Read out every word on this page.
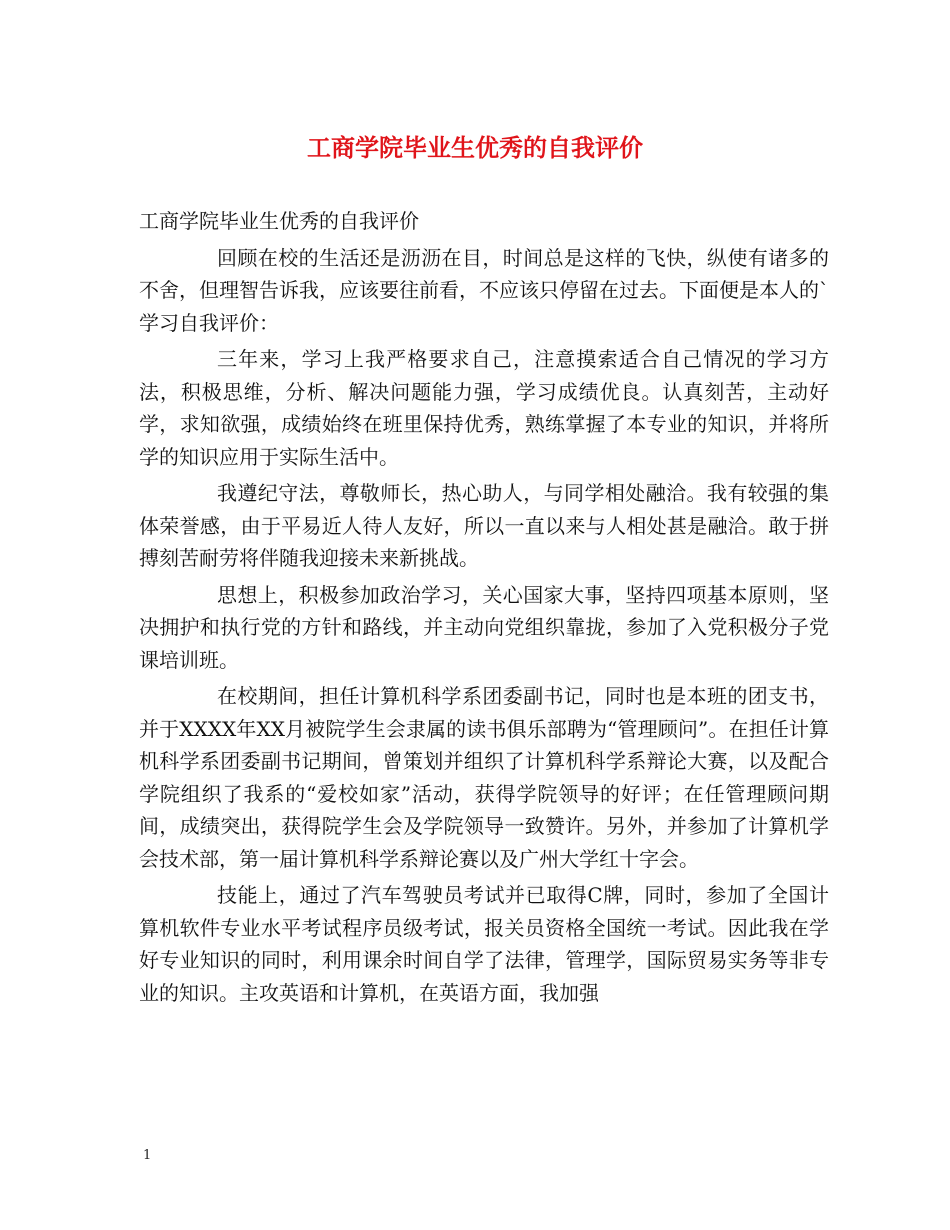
工商学院毕业生优秀的自我评价

工商学院毕业生优秀的自我评价

回顾在校的生活还是沥沥在目，时间总是这样的飞快，纵使有诸多的不舍，但理智告诉我，应该要往前看，不应该只停留在过去。下面便是本人的`学习自我评价：

三年来，学习上我严格要求自己，注意摸索适合自己情况的学习方法，积极思维，分析、解决问题能力强，学习成绩优良。认真刻苦，主动好学，求知欲强，成绩始终在班里保持优秀，熟练掌握了本专业的知识，并将所学的知识应用于实际生活中。

我遵纪守法，尊敬师长，热心助人，与同学相处融洽。我有较强的集体荣誉感，由于平易近人待人友好，所以一直以来与人相处甚是融洽。敢于拼搏刻苦耐劳将伴随我迎接未来新挑战。

思想上，积极参加政治学习，关心国家大事，坚持四项基本原则，坚决拥护和执行党的方针和路线，并主动向党组织靠拢，参加了入党积极分子党课培训班。

在校期间，担任计算机科学系团委副书记，同时也是本班的团支书，并于XXXX年XX月被院学生会隶属的读书俱乐部聘为“管理顾问”。在担任计算机科学系团委副书记期间，曾策划并组织了计算机科学系辩论大赛，以及配合学院组织了我系的“爱校如家”活动，获得学院领导的好评；在任管理顾问期间，成绩突出，获得院学生会及学院领导一致赞许。另外，并参加了计算机学会技术部，第一届计算机科学系辩论赛以及广州大学红十字会。

技能上，通过了汽车驾驶员考试并已取得C牌，同时，参加了全国计算机软件专业水平考试程序员级考试，报关员资格全国统一考试。因此我在学好专业知识的同时，利用课余时间自学了法律，管理学，国际贸易实务等非专业的知识。主攻英语和计算机，在英语方面，我加强

1
